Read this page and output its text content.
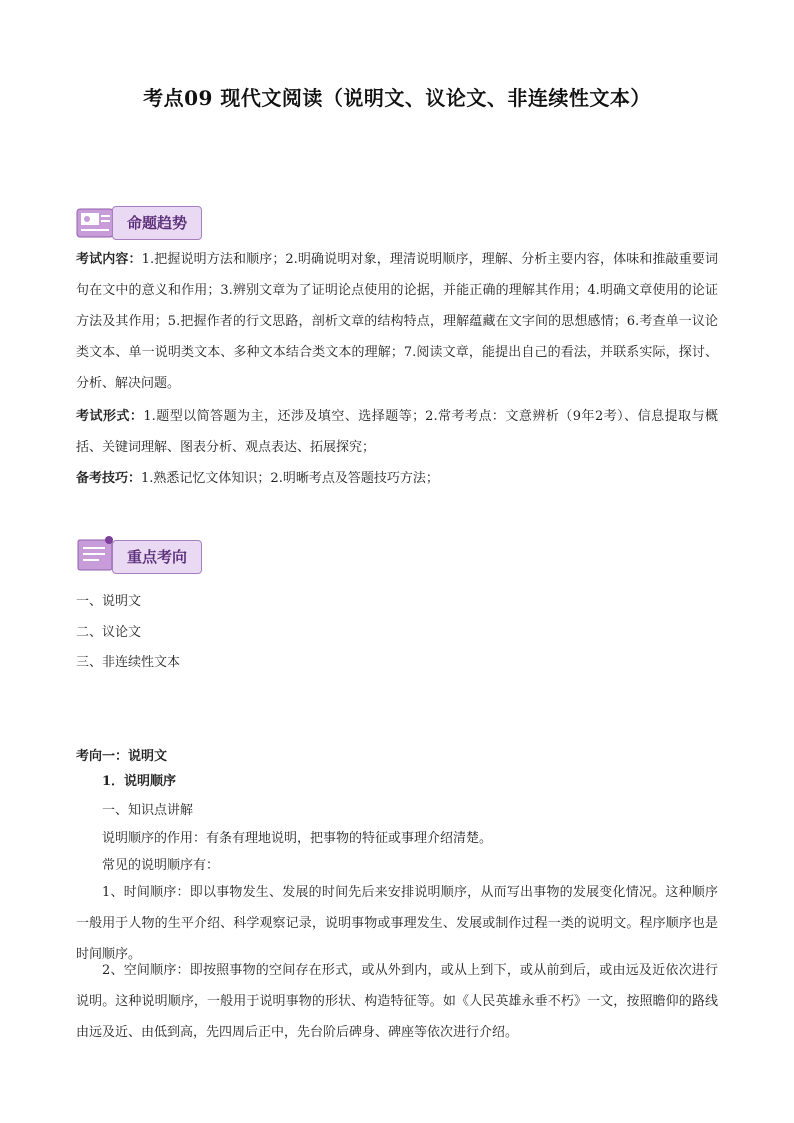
考点09 现代文阅读（说明文、议论文、非连续性文本）
命题趋势
考试内容：1.把握说明方法和顺序；2.明确说明对象，理清说明顺序，理解、分析主要内容，体味和推敲重要词句在文中的意义和作用；3.辨别文章为了证明论点使用的论据，并能正确的理解其作用；4.明确文章使用的论证方法及其作用；5.把握作者的行文思路，剖析文章的结构特点，理解蕴藏在文字间的思想感情；6.考查单一议论类文本、单一说明类文本、多种文本结合类文本的理解；7.阅读文章，能提出自己的看法，并联系实际，探讨、分析、解决问题。
考试形式：1.题型以简答题为主，还涉及填空、选择题等；2.常考考点：文意辨析（9年2考）、信息提取与概括、关键词理解、图表分析、观点表达、拓展探究；
备考技巧：1.熟悉记忆文体知识；2.明晰考点及答题技巧方法；
重点考向
一、说明文
二、议论文
三、非连续性文本
考向一：说明文
1．说明顺序
一、知识点讲解
说明顺序的作用：有条有理地说明，把事物的特征或事理介绍清楚。
常见的说明顺序有：
1、时间顺序：即以事物发生、发展的时间先后来安排说明顺序，从而写出事物的发展变化情况。这种顺序一般用于人物的生平介绍、科学观察记录，说明事物或事理发生、发展或制作过程一类的说明文。程序顺序也是时间顺序。
2、空间顺序：即按照事物的空间存在形式，或从外到内，或从上到下，或从前到后，或由远及近依次进行说明。这种说明顺序，一般用于说明事物的形状、构造特征等。如《人民英雄永垂不朽》一文，按照瞻仰的路线由远及近、由低到高，先四周后正中，先台阶后碑身、碑座等依次进行介绍。
